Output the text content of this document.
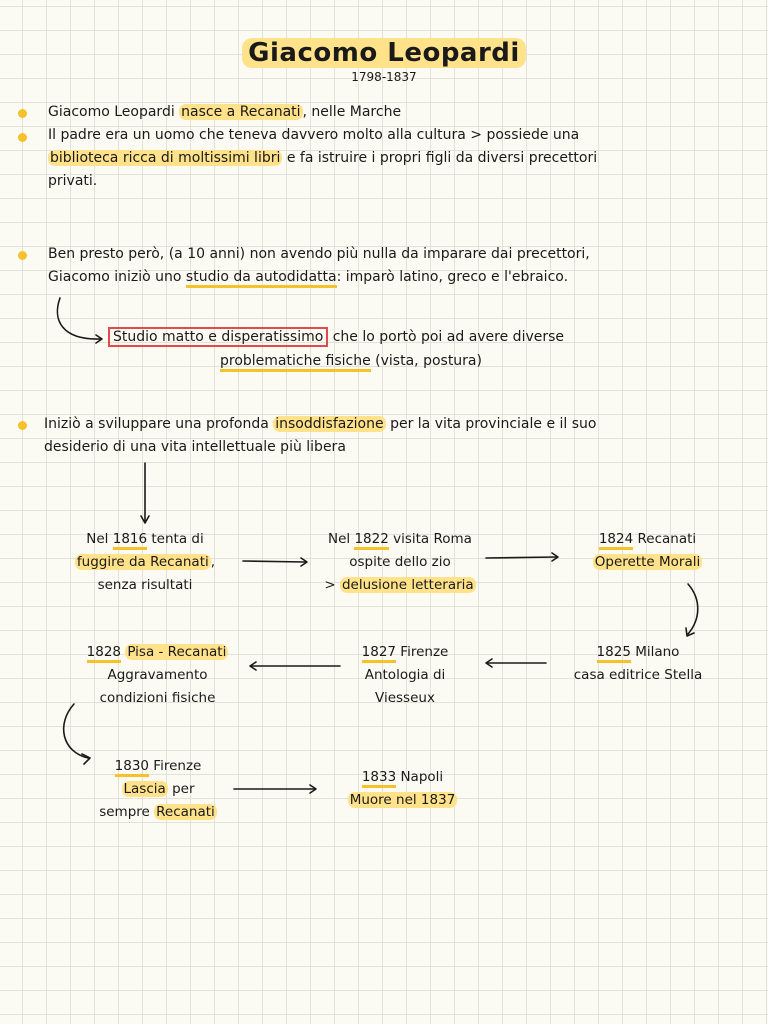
Giacomo Leopardi
1798-1837
Giacomo Leopardi nasce a Recanati , nelle Marche
Il padre era un uomo che teneva davvero molto alla cultura > possiede una
biblioteca ricca di moltissimi libri e fa istruire i propri figli da diversi precettori
privati.
Ben presto però, (a 10 anni) non avendo più nulla da imparare dai precettori,
Giacomo iniziò uno studio da autodidatta: imparò latino, greco e l'ebraico.
Studio matto e disperatissimo che lo portò poi ad avere diverse
problematiche fisiche (vista, postura)
Iniziò a sviluppare una profonda insoddisfazione per la vita provinciale e il suo
desiderio di una vita intellettuale più libera
Nel 1816 tenta di
fuggire da Recanati ,
senza risultati
Nel 1822 visita Roma
ospite dello zio
> delusione letteraria
1824 Recanati
Operette Morali
1825 Milano
casa editrice Stella
1827 Firenze
Antologia di
Viesseux
1828 Pisa - Recanati
Aggravamento
condizioni fisiche
1830 Firenze
Lascia per
sempre Recanati
1833 Napoli
Muore nel 1837
